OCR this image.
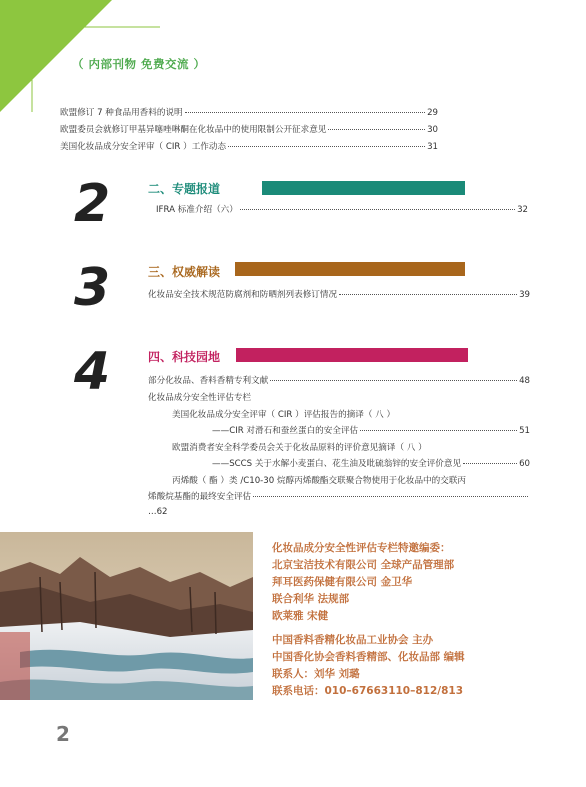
（ 内部刊物 免费交流 ）
欧盟修订 7 种食品用香料的说明	29
欧盟委员会就修订甲基异噻唑啉酮在化妆品中的使用限制公开征求意见	30
美国化妆品成分安全评审（ CIR ）工作动态	31
2	二、专题报道
IFRA 标准介绍（六）	32
3	三、权威解读
化妆品安全技术规范防腐剂和防晒剂列表修订情况	39
4	四、科技园地
部分化妆品、香料香精专利文献	48
化妆品成分安全性评估专栏
美国化妆品成分安全评审（ CIR ）评估报告的摘译（ 八 ）
——CIR 对滑石和蚕丝蛋白的安全评估	51
欧盟消费者安全科学委员会关于化妆品原料的评价意见摘译（ 八 ）
——SCCS 关于水解小麦蛋白、花生油及吡硫翁锌的安全评价意见	60
丙烯酸（ 酯 ）类 /C10-30 烷醇丙烯酸酯交联聚合物使用于化妆品中的交联丙
烯酸烷基酯的最终安全评估
…62
化妆品成分安全性评估专栏特邀编委：
北京宝洁技术有限公司 全球产品管理部
拜耳医药保健有限公司 金卫华
联合利华 法规部
欧莱雅 宋健
中国香料香精化妆品工业协会 主办
中国香化协会香料香精部、化妆品部 编辑
联系人：刘华 刘璐
联系电话：010–67663110–812/813
2
